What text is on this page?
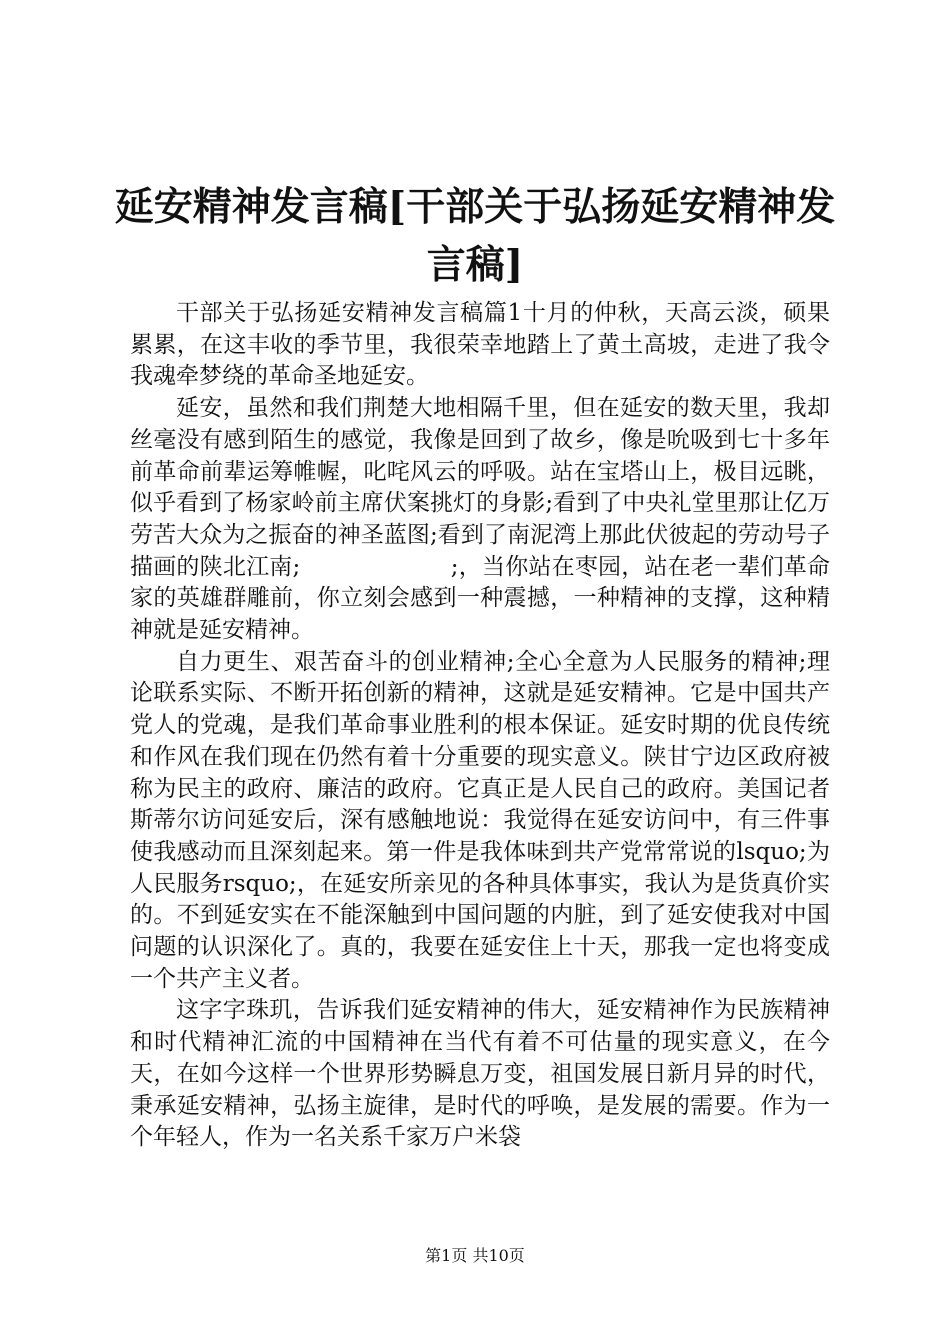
延安精神发言稿[干部关于弘扬延安精神发言稿]

干部关于弘扬延安精神发言稿篇1十月的仲秋，天高云淡，硕果累累，在这丰收的季节里，我很荣幸地踏上了黄土高坡，走进了我令我魂牵梦绕的革命圣地延安。

延安，虽然和我们荆楚大地相隔千里，但在延安的数天里，我却丝毫没有感到陌生的感觉，我像是回到了故乡，像是吮吸到七十多年前革命前辈运筹帷幄，叱咤风云的呼吸。站在宝塔山上，极目远眺，似乎看到了杨家岭前主席伏案挑灯的身影;看到了中央礼堂里那让亿万劳苦大众为之振奋的神圣蓝图;看到了南泥湾上那此伏彼起的劳动号子描画的陕北江南;                    ;，当你站在枣园，站在老一辈们革命家的英雄群雕前，你立刻会感到一种震撼，一种精神的支撑，这种精神就是延安精神。

自力更生、艰苦奋斗的创业精神;全心全意为人民服务的精神;理论联系实际、不断开拓创新的精神，这就是延安精神。它是中国共产党人的党魂，是我们革命事业胜利的根本保证。延安时期的优良传统和作风在我们现在仍然有着十分重要的现实意义。陕甘宁边区政府被称为民主的政府、廉洁的政府。它真正是人民自己的政府。美国记者斯蒂尔访问延安后，深有感触地说：我觉得在延安访问中，有三件事使我感动而且深刻起来。第一件是我体味到共产党常常说的lsquo;为人民服务rsquo;，在延安所亲见的各种具体事实，我认为是货真价实的。不到延安实在不能深触到中国问题的内脏，到了延安使我对中国问题的认识深化了。真的，我要在延安住上十天，那我一定也将变成一个共产主义者。

这字字珠玑，告诉我们延安精神的伟大，延安精神作为民族精神和时代精神汇流的中国精神在当代有着不可估量的现实意义，在今天，在如今这样一个世界形势瞬息万变，祖国发展日新月异的时代，秉承延安精神，弘扬主旋律，是时代的呼唤，是发展的需要。作为一个年轻人，作为一名关系千家万户米袋

第1页 共10页
